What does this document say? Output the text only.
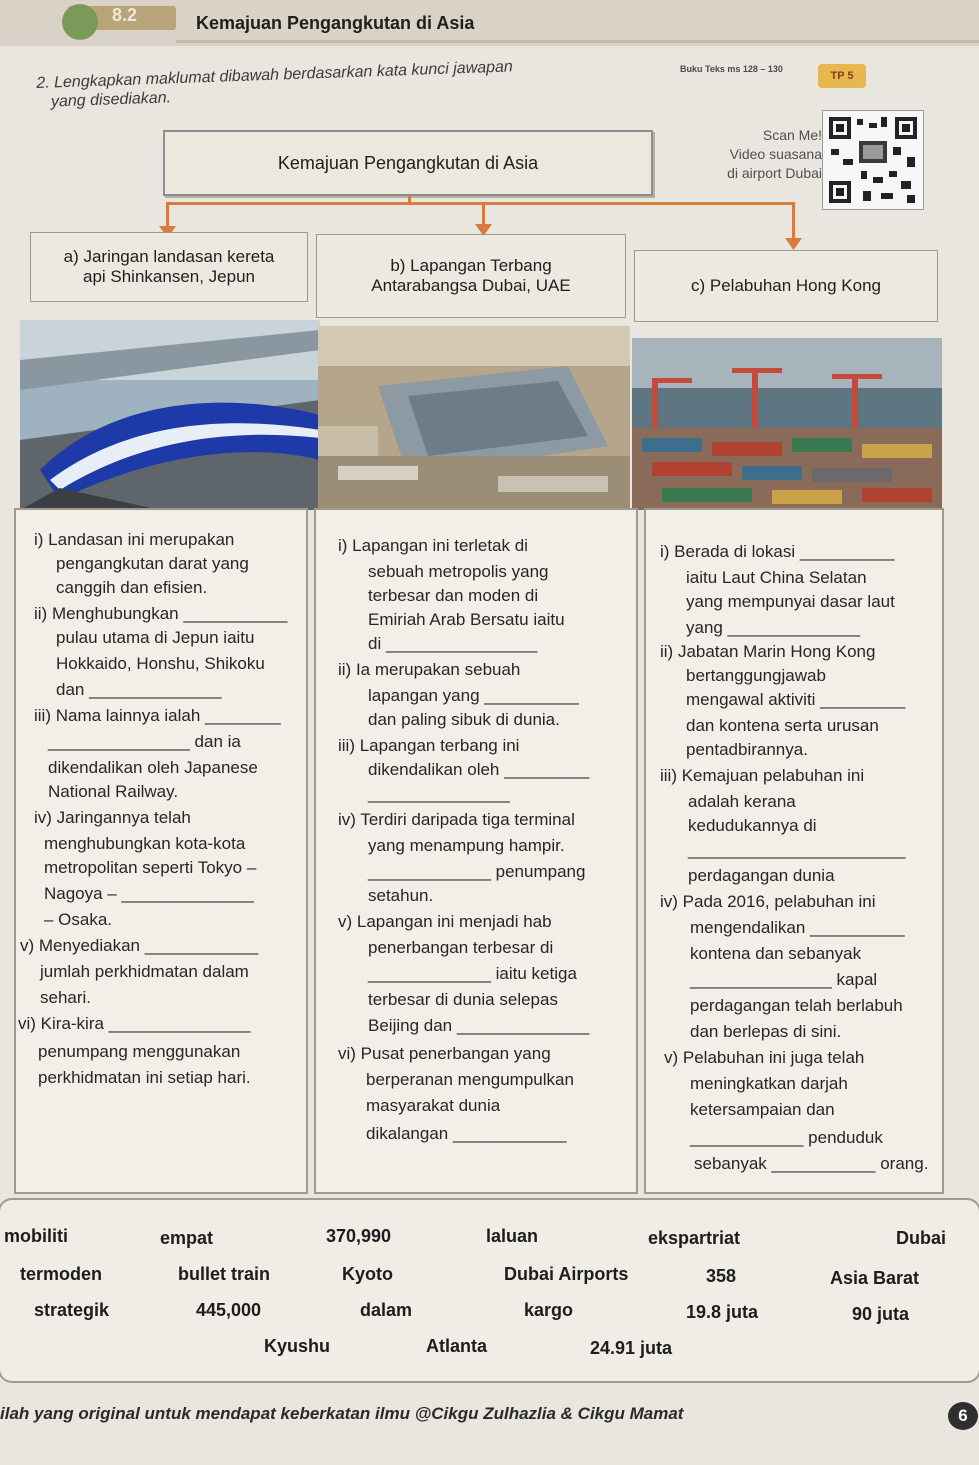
8.2	Kemajuan Pengangkutan di Asia
2. Lengkapkan maklumat dibawah berdasarkan kata kunci jawapan
yang disediakan.
Buku Teks ms 128 – 130
TP 5
Scan Me!
Video suasana
di airport Dubai
Kemajuan Pengangkutan di Asia
a) Jaringan landasan kereta
api Shinkansen, Jepun
b) Lapangan Terbang
Antarabangsa Dubai, UAE	c) Pelabuhan Hong Kong
i) Landasan ini merupakan
pengangkutan darat yang
canggih dan efisien.
ii) Menghubungkan ___________
pulau utama di Jepun iaitu
Hokkaido, Honshu, Shikoku
dan ______________
iii) Nama lainnya ialah ________
_______________ dan ia
dikendalikan oleh Japanese
National Railway.
iv) Jaringannya telah
menghubungkan kota-kota
metropolitan seperti Tokyo –
Nagoya – ______________
– Osaka.
v) Menyediakan ____________
jumlah perkhidmatan dalam
sehari.
vi) Kira-kira _______________
penumpang menggunakan
perkhidmatan ini setiap hari.
i) Lapangan ini terletak di
sebuah metropolis yang
terbesar dan moden di
Emiriah Arab Bersatu iaitu
di ________________
ii) Ia merupakan sebuah
lapangan yang __________
dan paling sibuk di dunia.
iii) Lapangan terbang ini
dikendalikan oleh _________
_______________
iv) Terdiri daripada tiga terminal
yang menampung hampir.
_____________ penumpang
setahun.
v) Lapangan ini menjadi hab
penerbangan terbesar di
_____________ iaitu ketiga
terbesar di dunia selepas
Beijing dan ______________
vi) Pusat penerbangan yang
berperanan mengumpulkan
masyarakat dunia
dikalangan ____________
i) Berada di lokasi __________
iaitu Laut China Selatan
yang mempunyai dasar laut
yang ______________
ii) Jabatan Marin Hong Kong
bertanggungjawab
mengawal aktiviti _________
dan kontena serta urusan
pentadbirannya.
iii) Kemajuan pelabuhan ini
adalah kerana
kedudukannya di
_______________________
perdagangan dunia
iv) Pada 2016, pelabuhan ini
mengendalikan __________
kontena dan sebanyak
_______________ kapal
perdagangan telah berlabuh
dan berlepas di sini.
v) Pelabuhan ini juga telah
meningkatkan darjah
ketersampaian dan
____________ penduduk
sebanyak ___________ orang.
mobiliti	empat	370,990	laluan	ekspartriat	Dubai
termoden	bullet train	Kyoto	Dubai Airports	358	Asia Barat
strategik	445,000	dalam	kargo	19.8 juta	90 juta
Kyushu	Atlanta	24.91 juta
ilah yang original untuk mendapat keberkatan ilmu @Cikgu Zulhazlia & Cikgu Mamat	6
